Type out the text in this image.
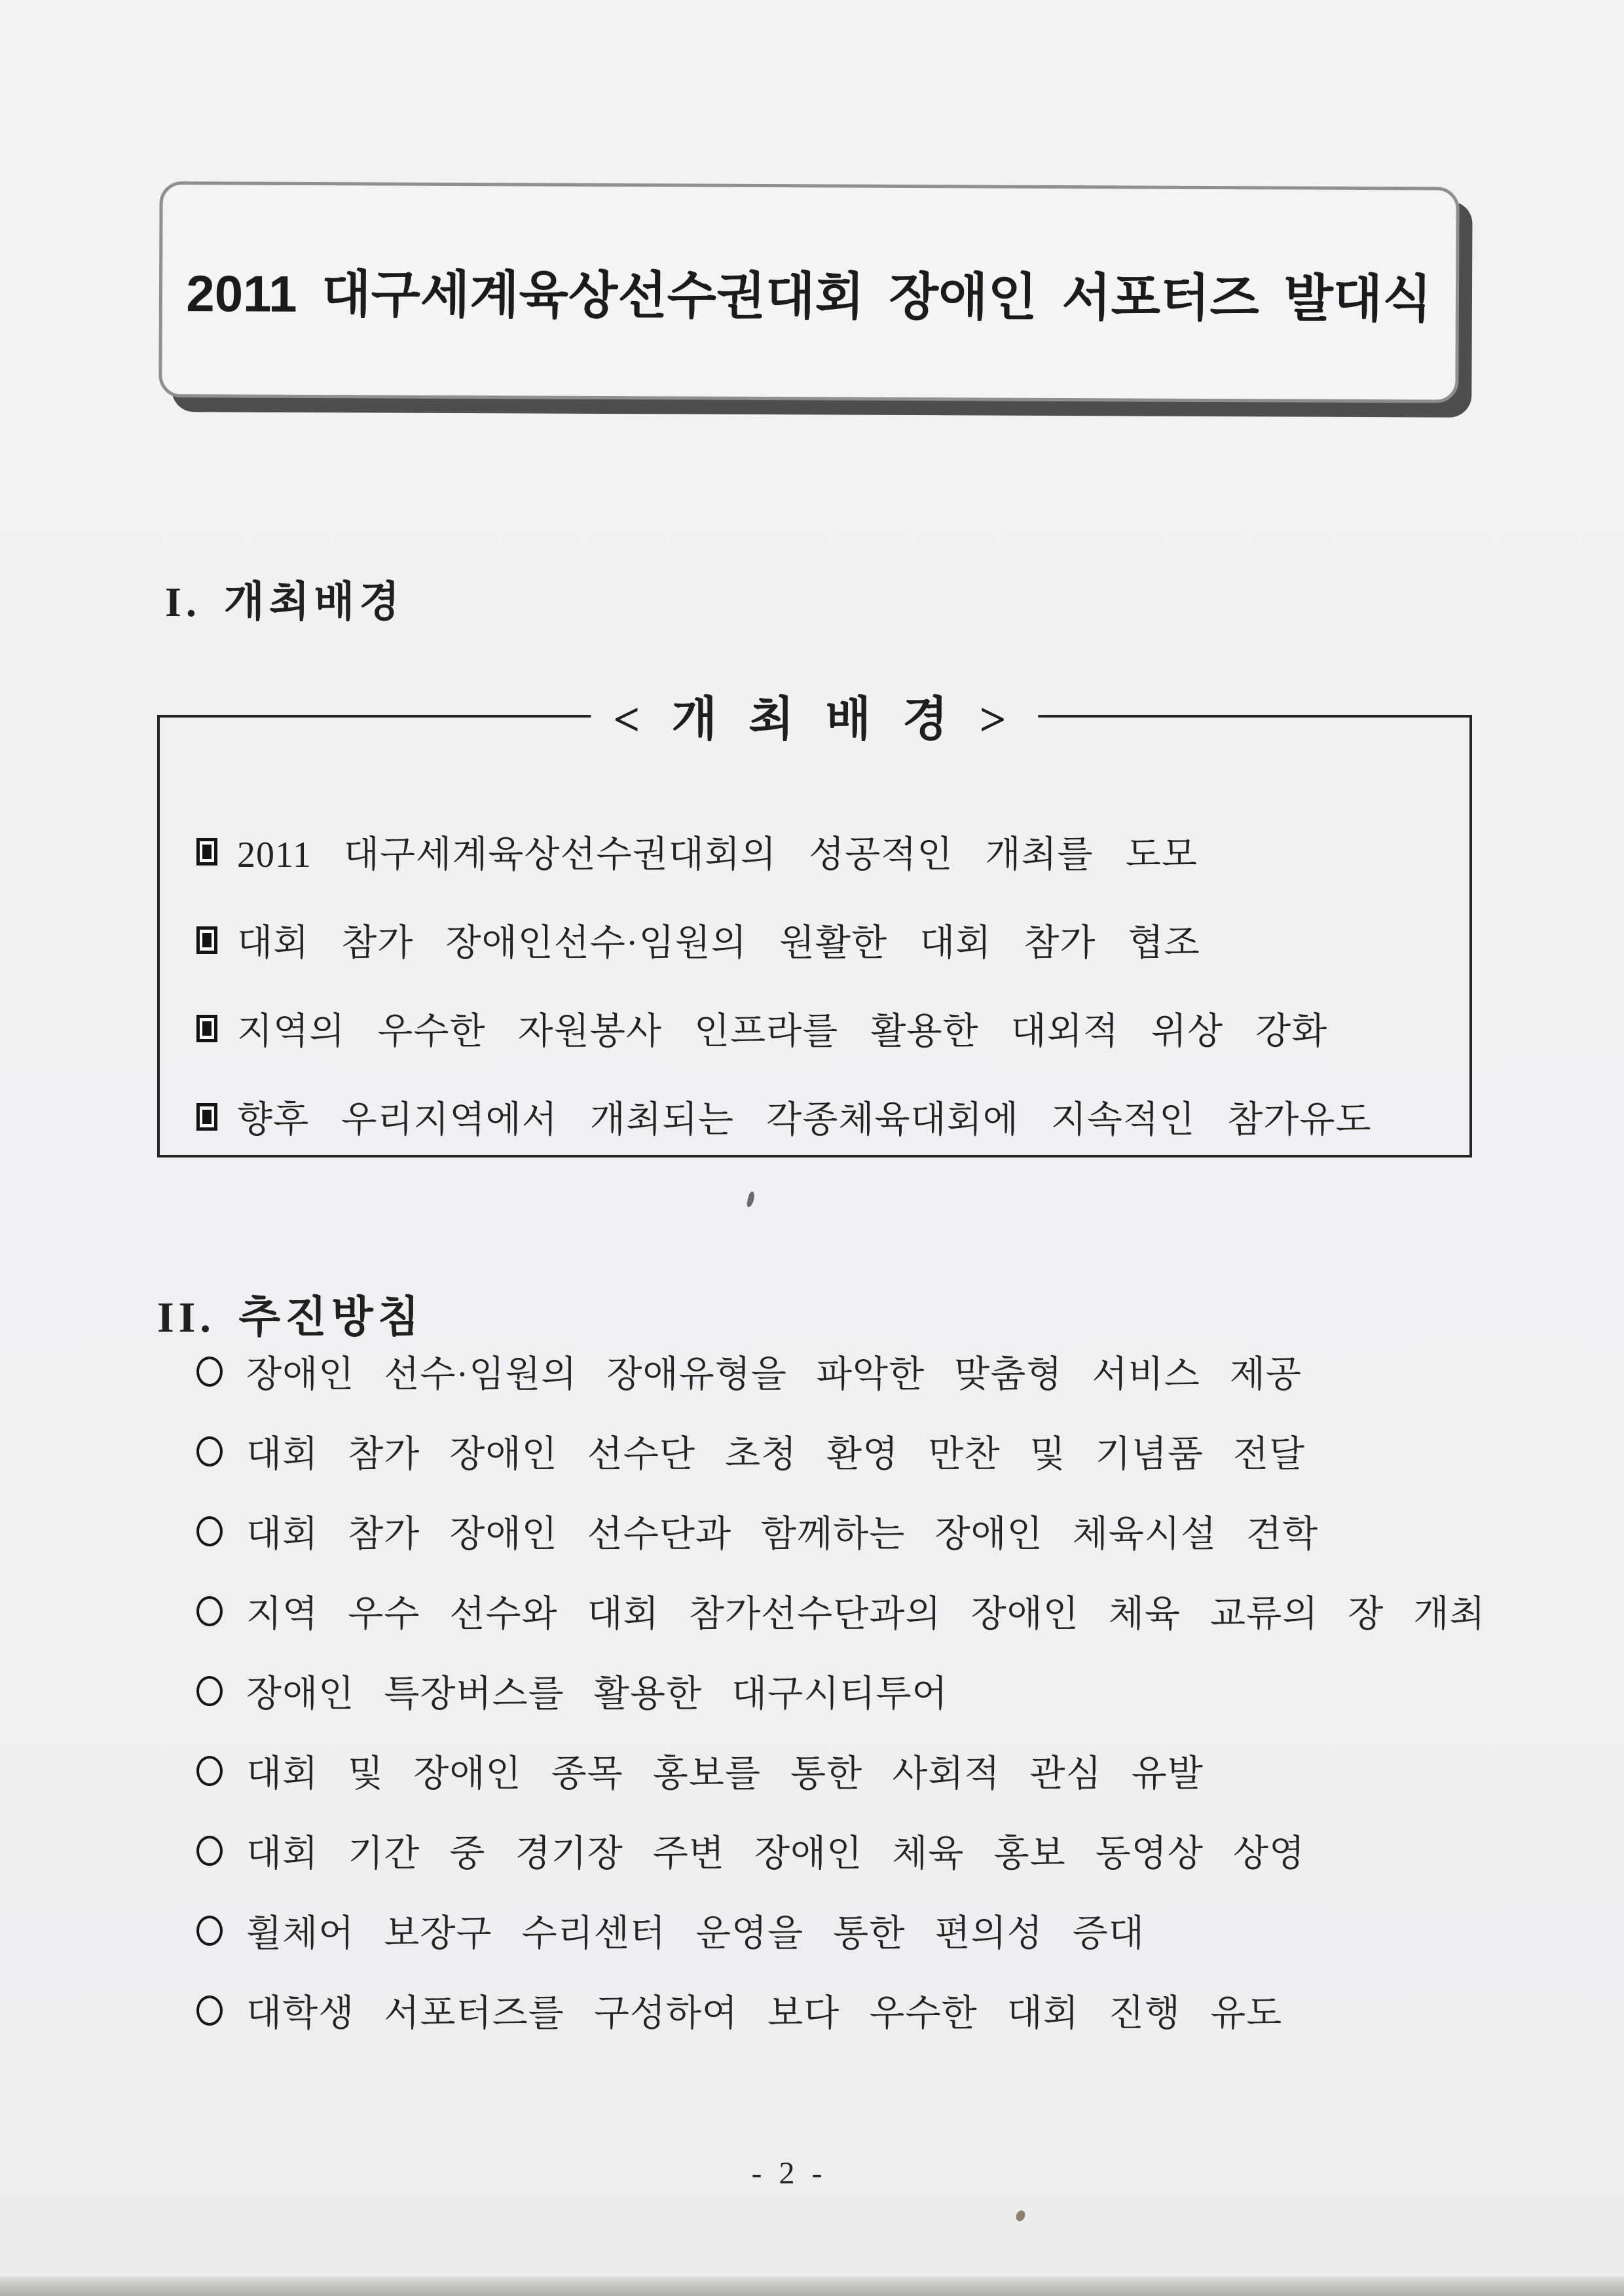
2011 대구세계육상선수권대회 장애인 서포터즈 발대식
I. 개최배경
< 개 최 배 경 >
2011 대구세계육상선수권대회의 성공적인 개최를 도모
대회 참가 장애인선수·임원의 원활한 대회 참가 협조
지역의 우수한 자원봉사 인프라를 활용한 대외적 위상 강화
향후 우리지역에서 개최되는 각종체육대회에 지속적인 참가유도
II. 추진방침
장애인 선수·임원의 장애유형을 파악한 맞춤형 서비스 제공
대회 참가 장애인 선수단 초청 환영 만찬 및 기념품 전달
대회 참가 장애인 선수단과 함께하는 장애인 체육시설 견학
지역 우수 선수와 대회 참가선수단과의 장애인 체육 교류의 장 개최
장애인 특장버스를 활용한 대구시티투어
대회 및 장애인 종목 홍보를 통한 사회적 관심 유발
대회 기간 중 경기장 주변 장애인 체육 홍보 동영상 상영
휠체어 보장구 수리센터 운영을 통한 편의성 증대
대학생 서포터즈를 구성하여 보다 우수한 대회 진행 유도
- 2 -
